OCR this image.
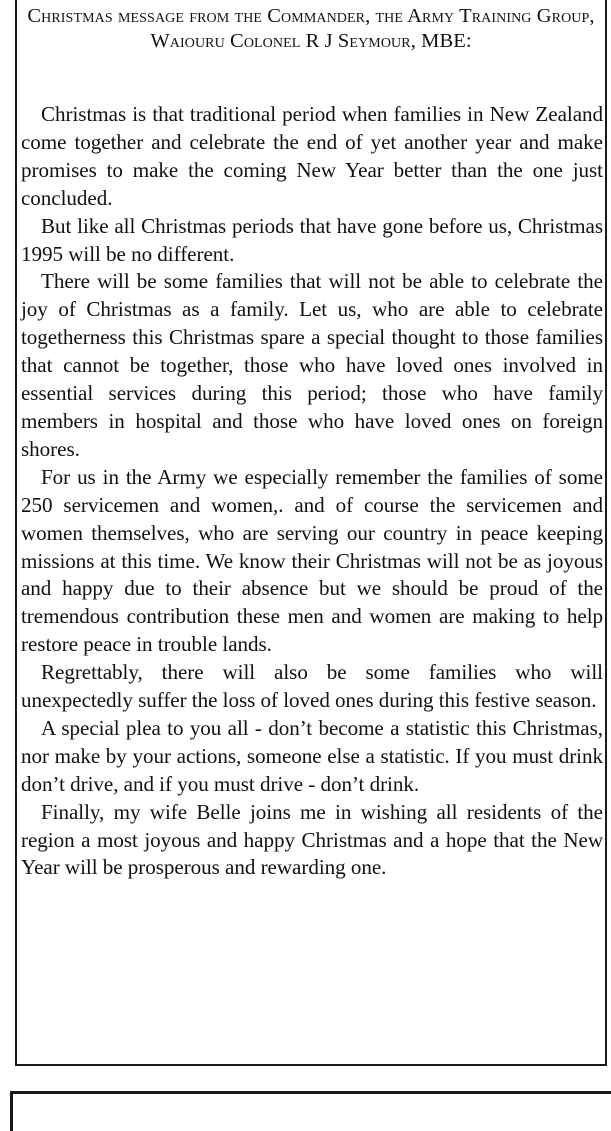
Christmas message from the Commander, the Army Training Group, Waiouru Colonel R J Seymour, MBE:

Christmas is that traditional period when families in New Zealand come together and celebrate the end of yet another year and make promises to make the coming New Year better than the one just concluded.

But like all Christmas periods that have gone before us, Christmas 1995 will be no different.

There will be some families that will not be able to celebrate the joy of Christmas as a family. Let us, who are able to celebrate togetherness this Christmas spare a special thought to those families that cannot be together, those who have loved ones involved in essential services during this period; those who have family members in hospital and those who have loved ones on foreign shores.

For us in the Army we especially remember the families of some 250 servicemen and women,. and of course the servicemen and women themselves, who are serving our country in peace keeping missions at this time. We know their Christmas will not be as joyous and happy due to their absence but we should be proud of the tremendous contribution these men and women are making to help restore peace in trouble lands.

Regrettably, there will also be some families who will unexpectedly suffer the loss of loved ones during this festive season.

A special plea to you all - don’t become a statistic this Christmas, nor make by your actions, someone else a statistic. If you must drink don’t drive, and if you must drive - don’t drink.

Finally, my wife Belle joins me in wishing all residents of the region a most joyous and happy Christmas and a hope that the New Year will be prosperous and rewarding one.
